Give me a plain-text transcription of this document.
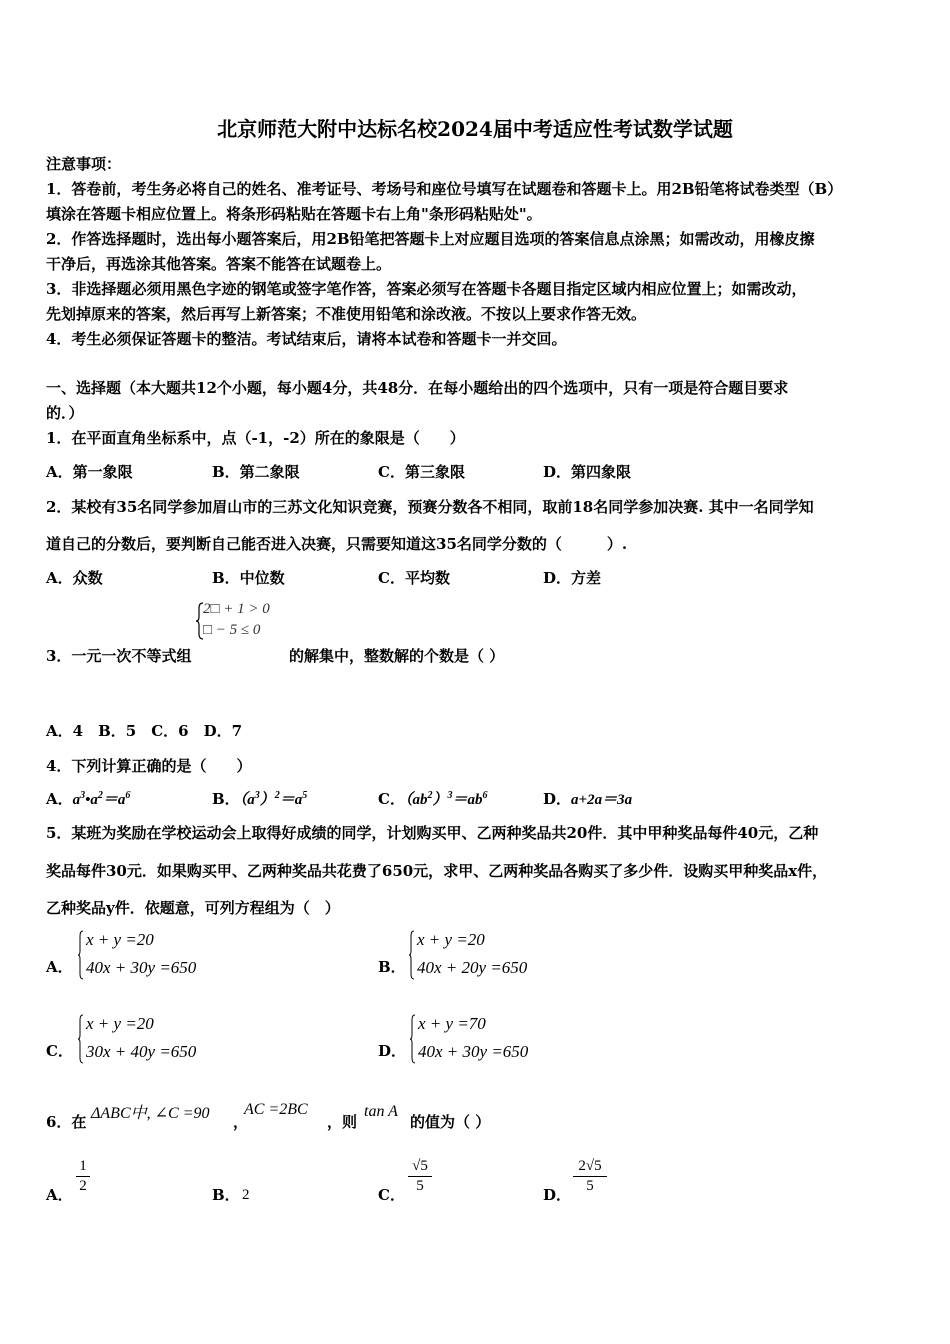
北京师范大附中达标名校2024届中考适应性考试数学试题
注意事项：
1．答卷前，考生务必将自己的姓名、准考证号、考场号和座位号填写在试题卷和答题卡上。用2B铅笔将试卷类型（B）
填涂在答题卡相应位置上。将条形码粘贴在答题卡右上角"条形码粘贴处"。
2．作答选择题时，选出每小题答案后，用2B铅笔把答题卡上对应题目选项的答案信息点涂黑；如需改动，用橡皮擦
干净后，再选涂其他答案。答案不能答在试题卷上。
3．非选择题必须用黑色字迹的钢笔或签字笔作答，答案必须写在答题卡各题目指定区域内相应位置上；如需改动，
先划掉原来的答案，然后再写上新答案；不准使用铅笔和涂改液。不按以上要求作答无效。
4．考生必须保证答题卡的整洁。考试结束后，请将本试卷和答题卡一并交回。
一、选择题（本大题共12个小题，每小题4分，共48分．在每小题给出的四个选项中，只有一项是符合题目要求
的．）
1．在平面直角坐标系中，点（-1，-2）所在的象限是（　　）
A．第一象限	B．第二象限	C．第三象限	D．第四象限
2．某校有35名同学参加眉山市的三苏文化知识竞赛，预赛分数各不相同，取前18名同学参加决赛. 其中一名同学知
道自己的分数后，要判断自己能否进入决赛，只需要知道这35名同学分数的（　　　）.
A．众数	B．中位数	C．平均数	D．方差
2□ + 1 > 0
□ − 5 ≤ 0
3．一元一次不等式组	的解集中，整数解的个数是（ ）
A．4　B．5　C．6　D．7
4．下列计算正确的是（　　）
A．$a^3•a^2=a^6$	B．$(a^3)^2=a^5$	C．$(ab^2)^3=ab^6$	D．a+2a＝3a
5．某班为奖励在学校运动会上取得好成绩的同学，计划购买甲、乙两种奖品共20件．其中甲种奖品每件40元，乙种
奖品每件30元．如果购买甲、乙两种奖品共花费了650元，求甲、乙两种奖品各购买了多少件．设购买甲种奖品x件，
乙种奖品y件．依题意，可列方程组为（　）
A．
x + y =20
40x + 30y =650	B．
x + y =20
40x + 20y =650
C．
x + y =20
30x + 40y =650	D．
x + y =70
40x + 30y =650
6．在 ΔABC中, ∠C =90 ，
AC =2BC
，则
tan A
的值为（ ）
A．
1
2	B． 2	C．
√5
5	D．
2√5
5
